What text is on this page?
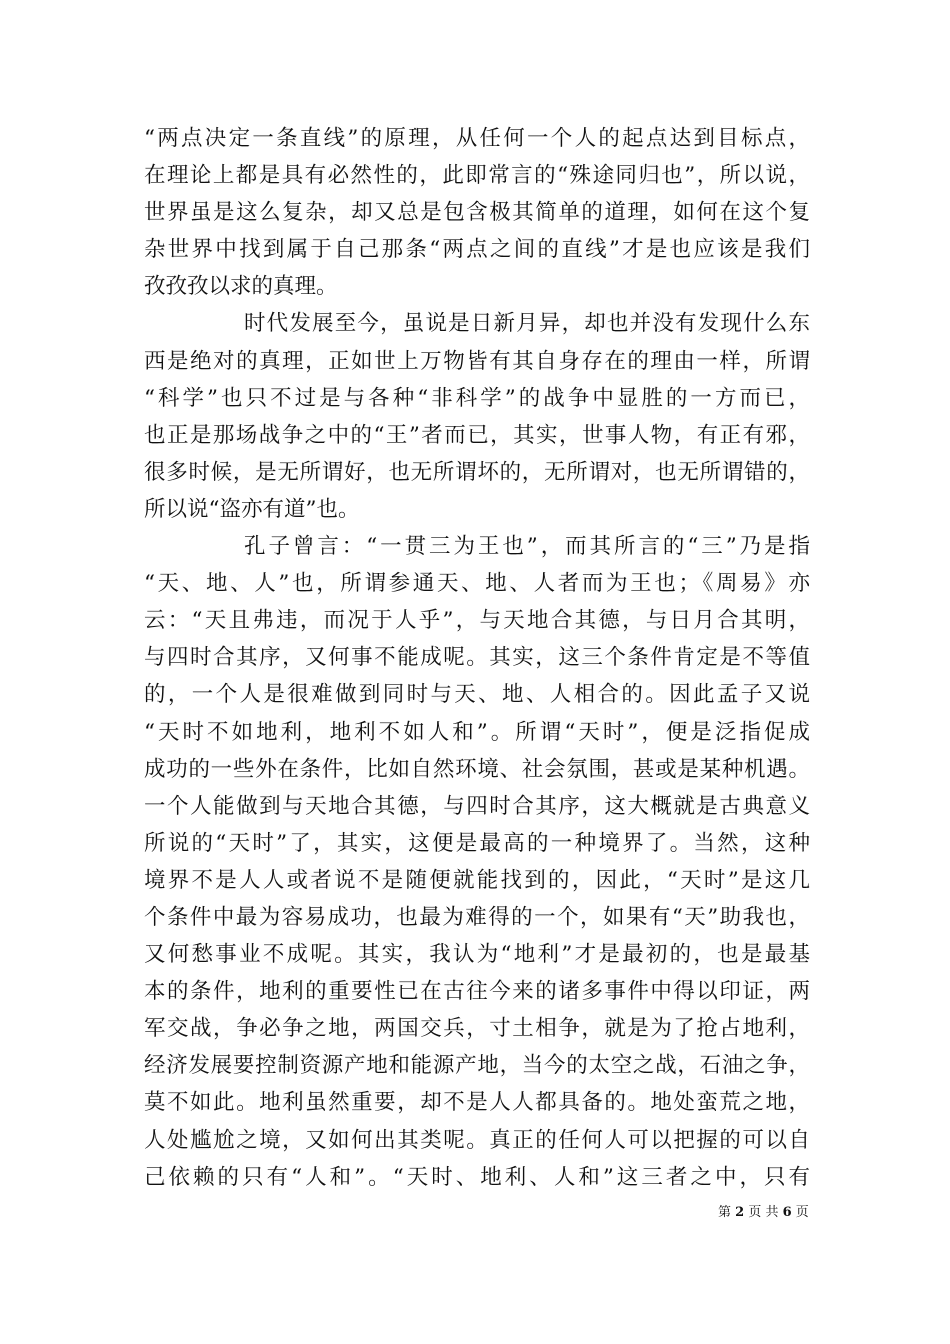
“两点决定一条直线”的原理，从任何一个人的起点达到目标点，
在理论上都是具有必然性的，此即常言的“殊途同归也”，所以说，
世界虽是这么复杂，却又总是包含极其简单的道理，如何在这个复
杂世界中找到属于自己那条“两点之间的直线”才是也应该是我们
孜孜孜以求的真理。
时代发展至今，虽说是日新月异，却也并没有发现什么东
西是绝对的真理，正如世上万物皆有其自身存在的理由一样，所谓
“科学”也只不过是与各种“非科学”的战争中显胜的一方而已，
也正是那场战争之中的“王”者而已，其实，世事人物，有正有邪，
很多时候，是无所谓好，也无所谓坏的，无所谓对，也无所谓错的，
所以说“盗亦有道”也。
孔子曾言：“一贯三为王也”，而其所言的“三”乃是指
“天、地、人”也，所谓参通天、地、人者而为王也；《周易》亦
云：“天且弗违，而况于人乎”，与天地合其德，与日月合其明，
与四时合其序，又何事不能成呢。其实，这三个条件肯定是不等值
的，一个人是很难做到同时与天、地、人相合的。因此孟子又说
“天时不如地利，地利不如人和”。所谓“天时”，便是泛指促成
成功的一些外在条件，比如自然环境、社会氛围，甚或是某种机遇。
一个人能做到与天地合其德，与四时合其序，这大概就是古典意义
所说的“天时”了，其实，这便是最高的一种境界了。当然，这种
境界不是人人或者说不是随便就能找到的，因此，“天时”是这几
个条件中最为容易成功，也最为难得的一个，如果有“天”助我也，
又何愁事业不成呢。其实，我认为“地利”才是最初的，也是最基
本的条件，地利的重要性已在古往今来的诸多事件中得以印证，两
军交战，争必争之地，两国交兵，寸土相争，就是为了抢占地利，
经济发展要控制资源产地和能源产地，当今的太空之战，石油之争，
莫不如此。地利虽然重要，却不是人人都具备的。地处蛮荒之地，
人处尴尬之境，又如何出其类呢。真正的任何人可以把握的可以自
己依赖的只有“人和”。“天时、地利、人和”这三者之中，只有
第 2 页 共 6 页
